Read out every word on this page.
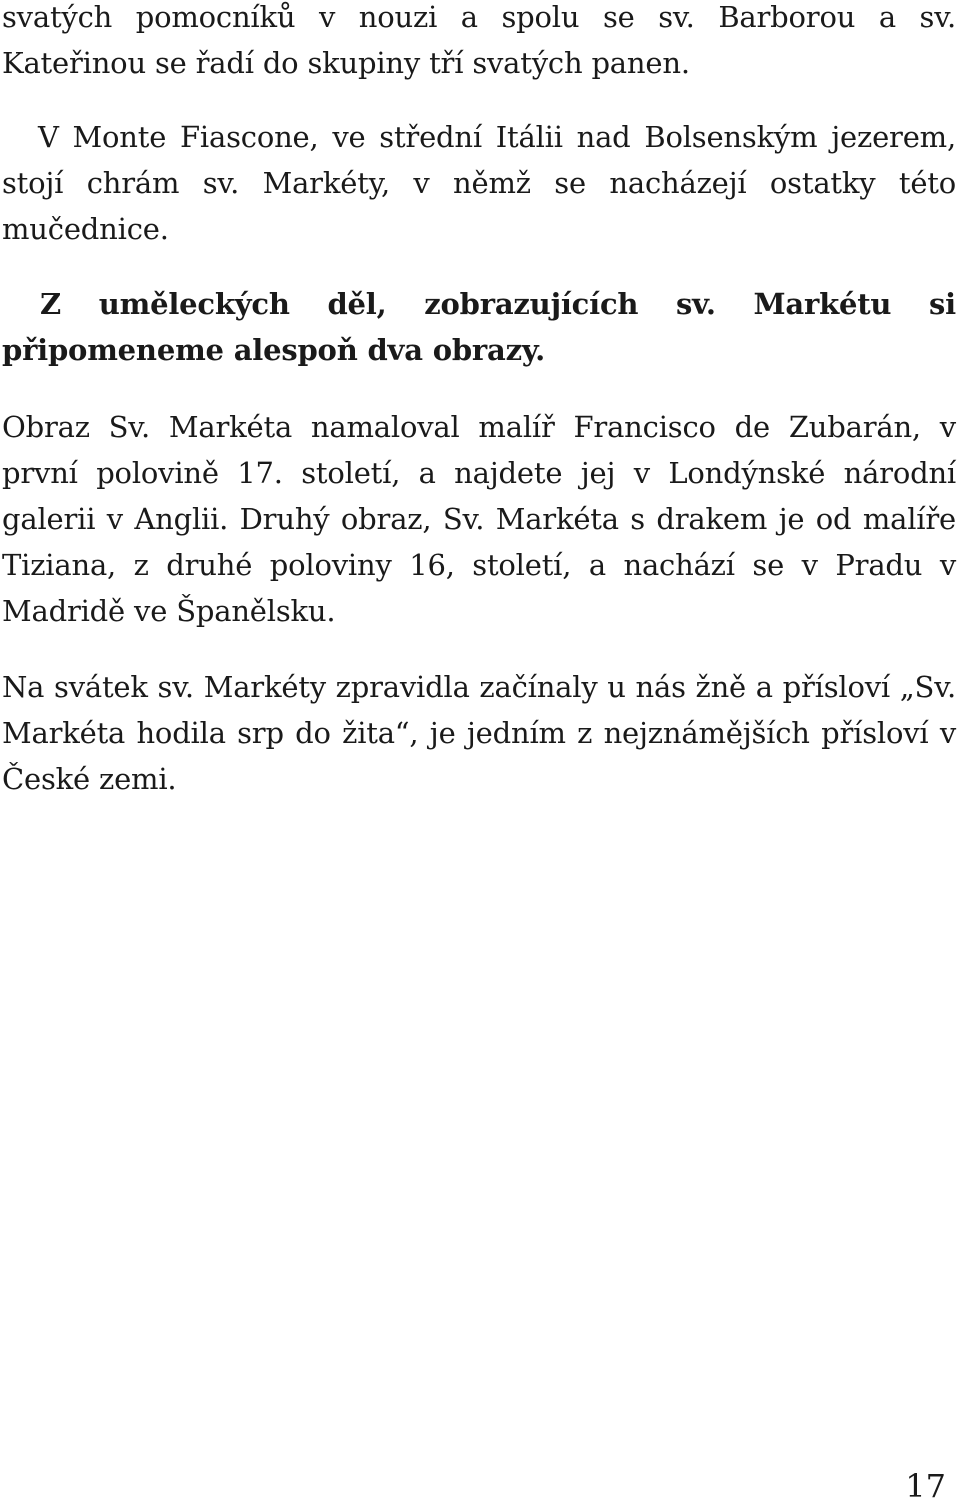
svatých pomocníků v nouzi a spolu se sv. Barborou a sv. Kateřinou se řadí do skupiny tří svatých panen.

V Monte Fiascone, ve střední Itálii nad Bolsenským jezerem, stojí chrám sv. Markéty, v němž se nacházejí ostatky této mučednice.

Z uměleckých děl, zobrazujících sv. Markétu si připomeneme alespoň dva obrazy.

Obraz Sv. Markéta namaloval malíř Francisco de Zubarán, v první polovině 17. století, a najdete jej v Londýnské národní galerii v Anglii. Druhý obraz, Sv. Markéta s drakem je od malíře Tiziana, z druhé poloviny 16, století, a nachází se v Pradu v Madridě ve Španělsku.

Na svátek sv. Markéty zpravidla začínaly u nás žně a přísloví „Sv. Markéta hodila srp do žita“, je jedním z nejznámějších přísloví v České zemi.

17
